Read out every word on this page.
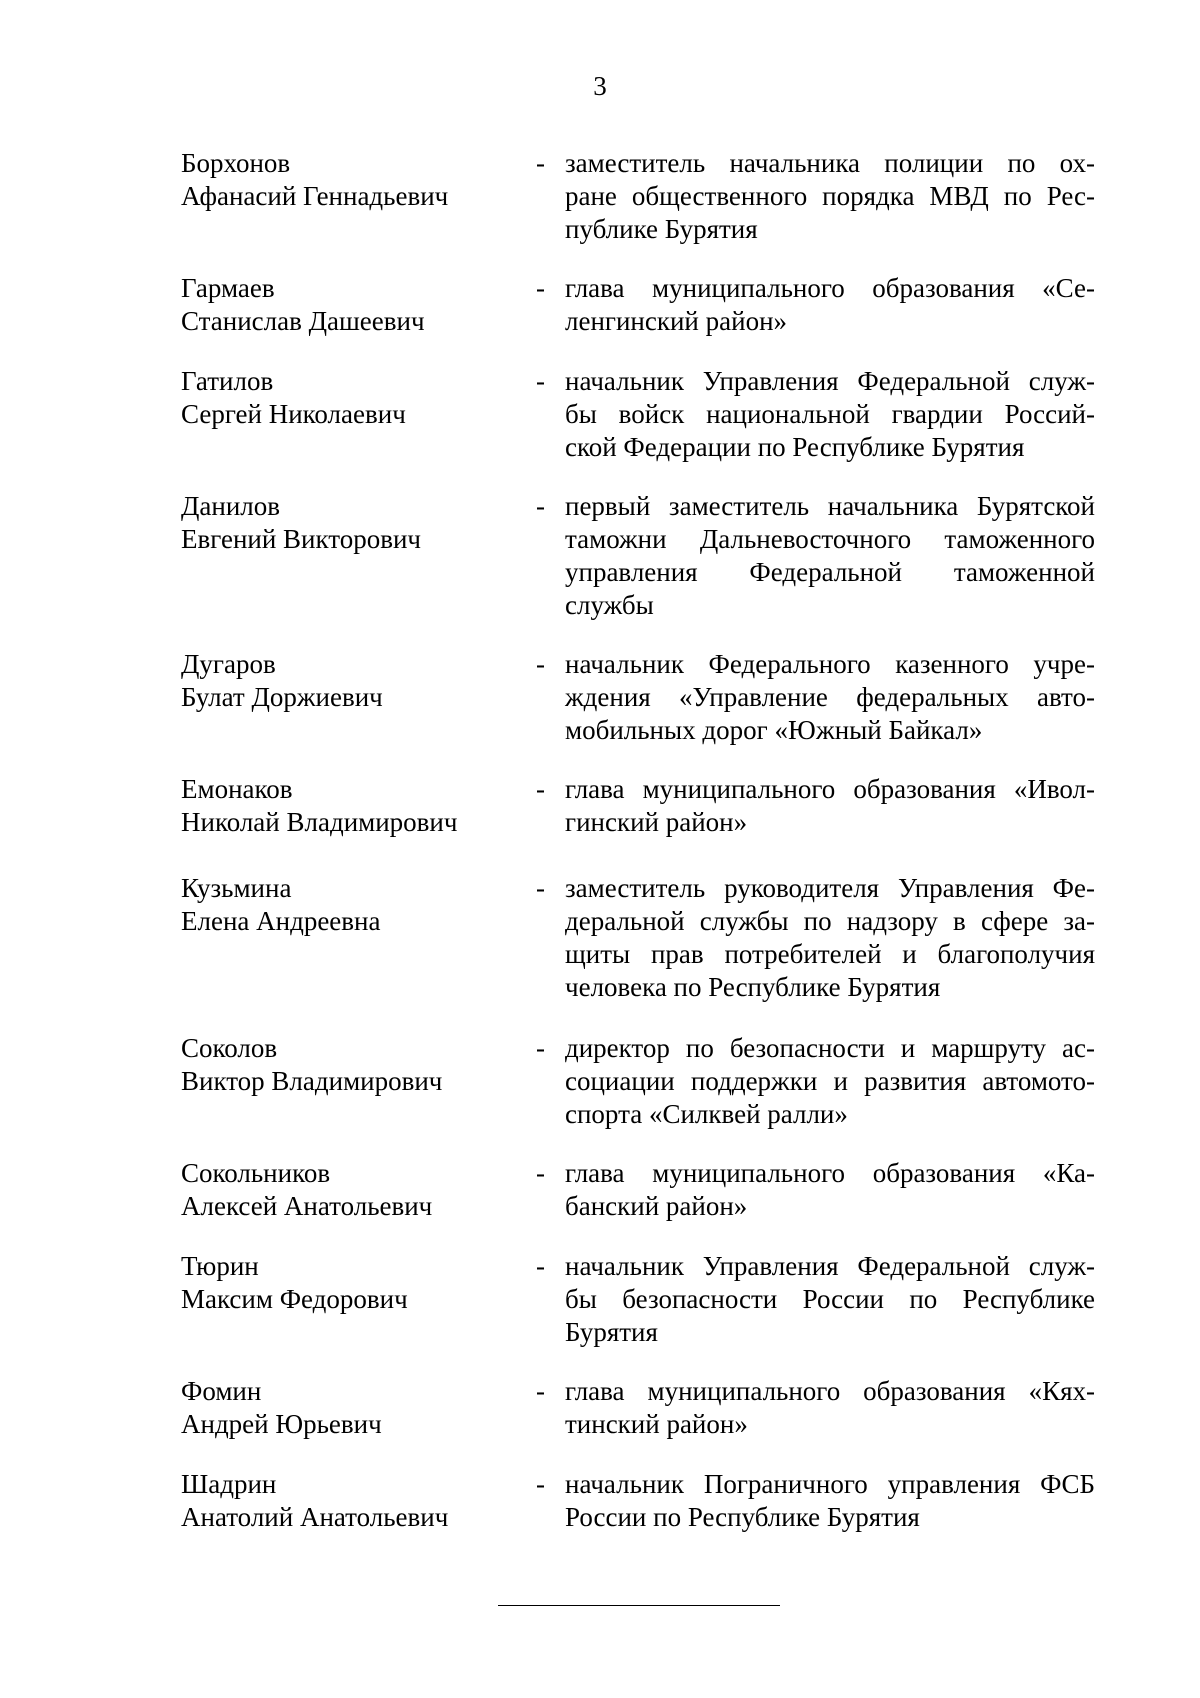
3
Борхонов
Афанасий Геннадьевич
- заместитель начальника полиции по ох-
ране общественного порядка МВД по Рес-
публике Бурятия
Гармаев
Станислав Дашеевич
- глава муниципального образования «Се-
ленгинский район»
Гатилов
Сергей Николаевич
- начальник Управления Федеральной служ-
бы войск национальной гвардии Россий-
ской Федерации по Республике Бурятия
Данилов
Евгений Викторович
- первый заместитель начальника Бурятской
таможни Дальневосточного таможенного
управления Федеральной таможенной
службы
Дугаров
Булат Доржиевич
- начальник Федерального казенного учре-
ждения «Управление федеральных авто-
мобильных дорог «Южный Байкал»
Емонаков
Николай Владимирович
- глава муниципального образования «Ивол-
гинский район»
Кузьмина
Елена Андреевна
- заместитель руководителя Управления Фе-
деральной службы по надзору в сфере за-
щиты прав потребителей и благополучия
человека по Республике Бурятия
Соколов
Виктор Владимирович
- директор по безопасности и маршруту ас-
социации поддержки и развития автомото-
спорта «Силквей ралли»
Сокольников
Алексей Анатольевич
- глава муниципального образования «Ка-
банский район»
Тюрин
Максим Федорович
- начальник Управления Федеральной служ-
бы безопасности России по Республике
Бурятия
Фомин
Андрей Юрьевич
- глава муниципального образования «Кях-
тинский район»
Шадрин
Анатолий Анатольевич
- начальник Пограничного управления ФСБ
России по Республике Бурятия
